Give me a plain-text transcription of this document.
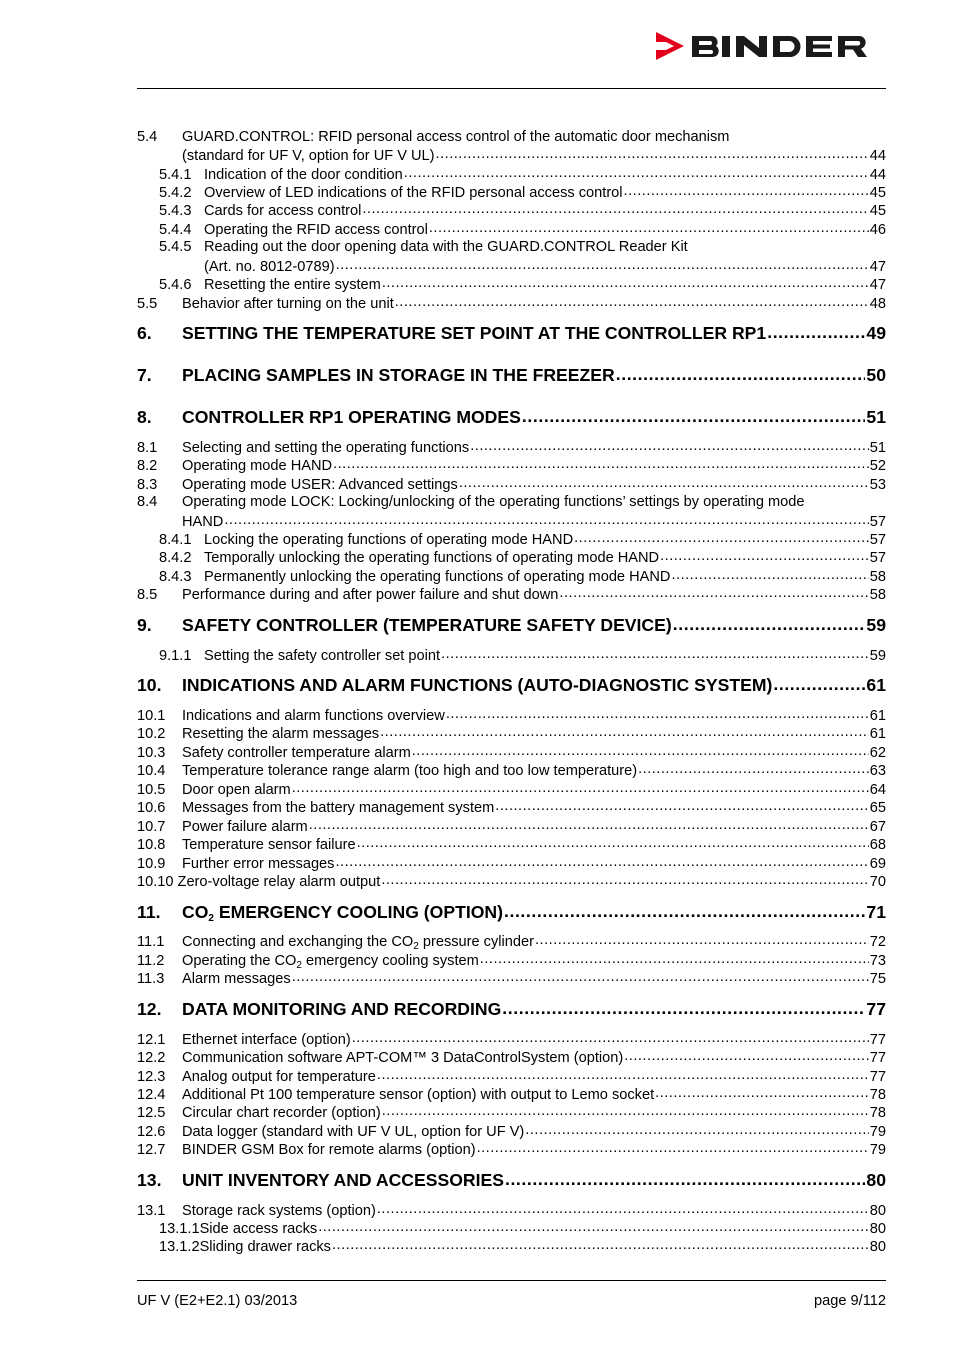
5.4 GUARD.CONTROL: RFID personal access control of the automatic door mechanism
(standard for UF V, option for UF V UL) .....	44
5.4.1 Indication of the door condition .....	44
5.4.2 Overview of LED indications of the RFID personal access control .....	45
5.4.3 Cards for access control .....	45
5.4.4 Operating the RFID access control .....	46
5.4.5 Reading out the door opening data with the GUARD.CONTROL Reader Kit
(Art. no. 8012-0789) .....	47
5.4.6 Resetting the entire system .....	47
5.5	Behavior after turning on the unit .....	48
6.	SETTING THE TEMPERATURE SET POINT AT THE CONTROLLER RP1 .....	49
7.	PLACING SAMPLES IN STORAGE IN THE FREEZER .....	50
8.	CONTROLLER RP1 OPERATING MODES .....	51
8.1	Selecting and setting the operating functions .....	51
8.2	Operating mode HAND .....	52
8.3	Operating mode USER: Advanced settings .....	53
8.4 Operating mode LOCK: Locking/unlocking of the operating functions’ settings by operating mode
HAND .....	57
8.4.1 Locking the operating functions of operating mode HAND .....	57
8.4.2 Temporally unlocking the operating functions of operating mode HAND .....	57
8.4.3 Permanently unlocking the operating functions of operating mode HAND .....	58
8.5	Performance during and after power failure and shut down .....	58
9.	SAFETY CONTROLLER (TEMPERATURE SAFETY DEVICE) .....	59
9.1.1 Setting the safety controller set point .....	59
10.	INDICATIONS AND ALARM FUNCTIONS (AUTO-DIAGNOSTIC SYSTEM) .....	61
10.1	Indications and alarm functions overview .....	61
10.2	Resetting the alarm messages .....	61
10.3	Safety controller temperature alarm .....	62
10.4	Temperature tolerance range alarm (too high and too low temperature) .....	63
10.5	Door open alarm .....	64
10.6	Messages from the battery management system .....	65
10.7	Power failure alarm .....	67
10.8	Temperature sensor failure .....	68
10.9	Further error messages .....	69
10.10 Zero-voltage relay alarm output .....	70
11.	$CO_2$ EMERGENCY COOLING (OPTION) .....	71
11.1	Connecting and exchanging the $CO_2$ pressure cylinder .....	72
11.2	Operating the $CO_2$ emergency cooling system .....	73
11.3	Alarm messages .....	75
12.	DATA MONITORING AND RECORDING .....	77
12.1	Ethernet interface (option) .....	77
12.2	Communication software APT-COM™ 3 DataControlSystem (option) .....	77
12.3	Analog output for temperature .....	77
12.4	Additional Pt 100 temperature sensor (option) with output to Lemo socket .....	78
12.5	Circular chart recorder (option) .....	78
12.6	Data logger (standard with UF V UL, option for UF V) .....	79
12.7	BINDER GSM Box for remote alarms (option) .....	79
13.	UNIT INVENTORY AND ACCESSORIES .....	80
13.1	Storage rack systems (option) .....	80
13.1.1 Side access racks .....	80
13.1.2 Sliding drawer racks .....	80
UF V (E2+E2.1) 03/2013	page 9/112
